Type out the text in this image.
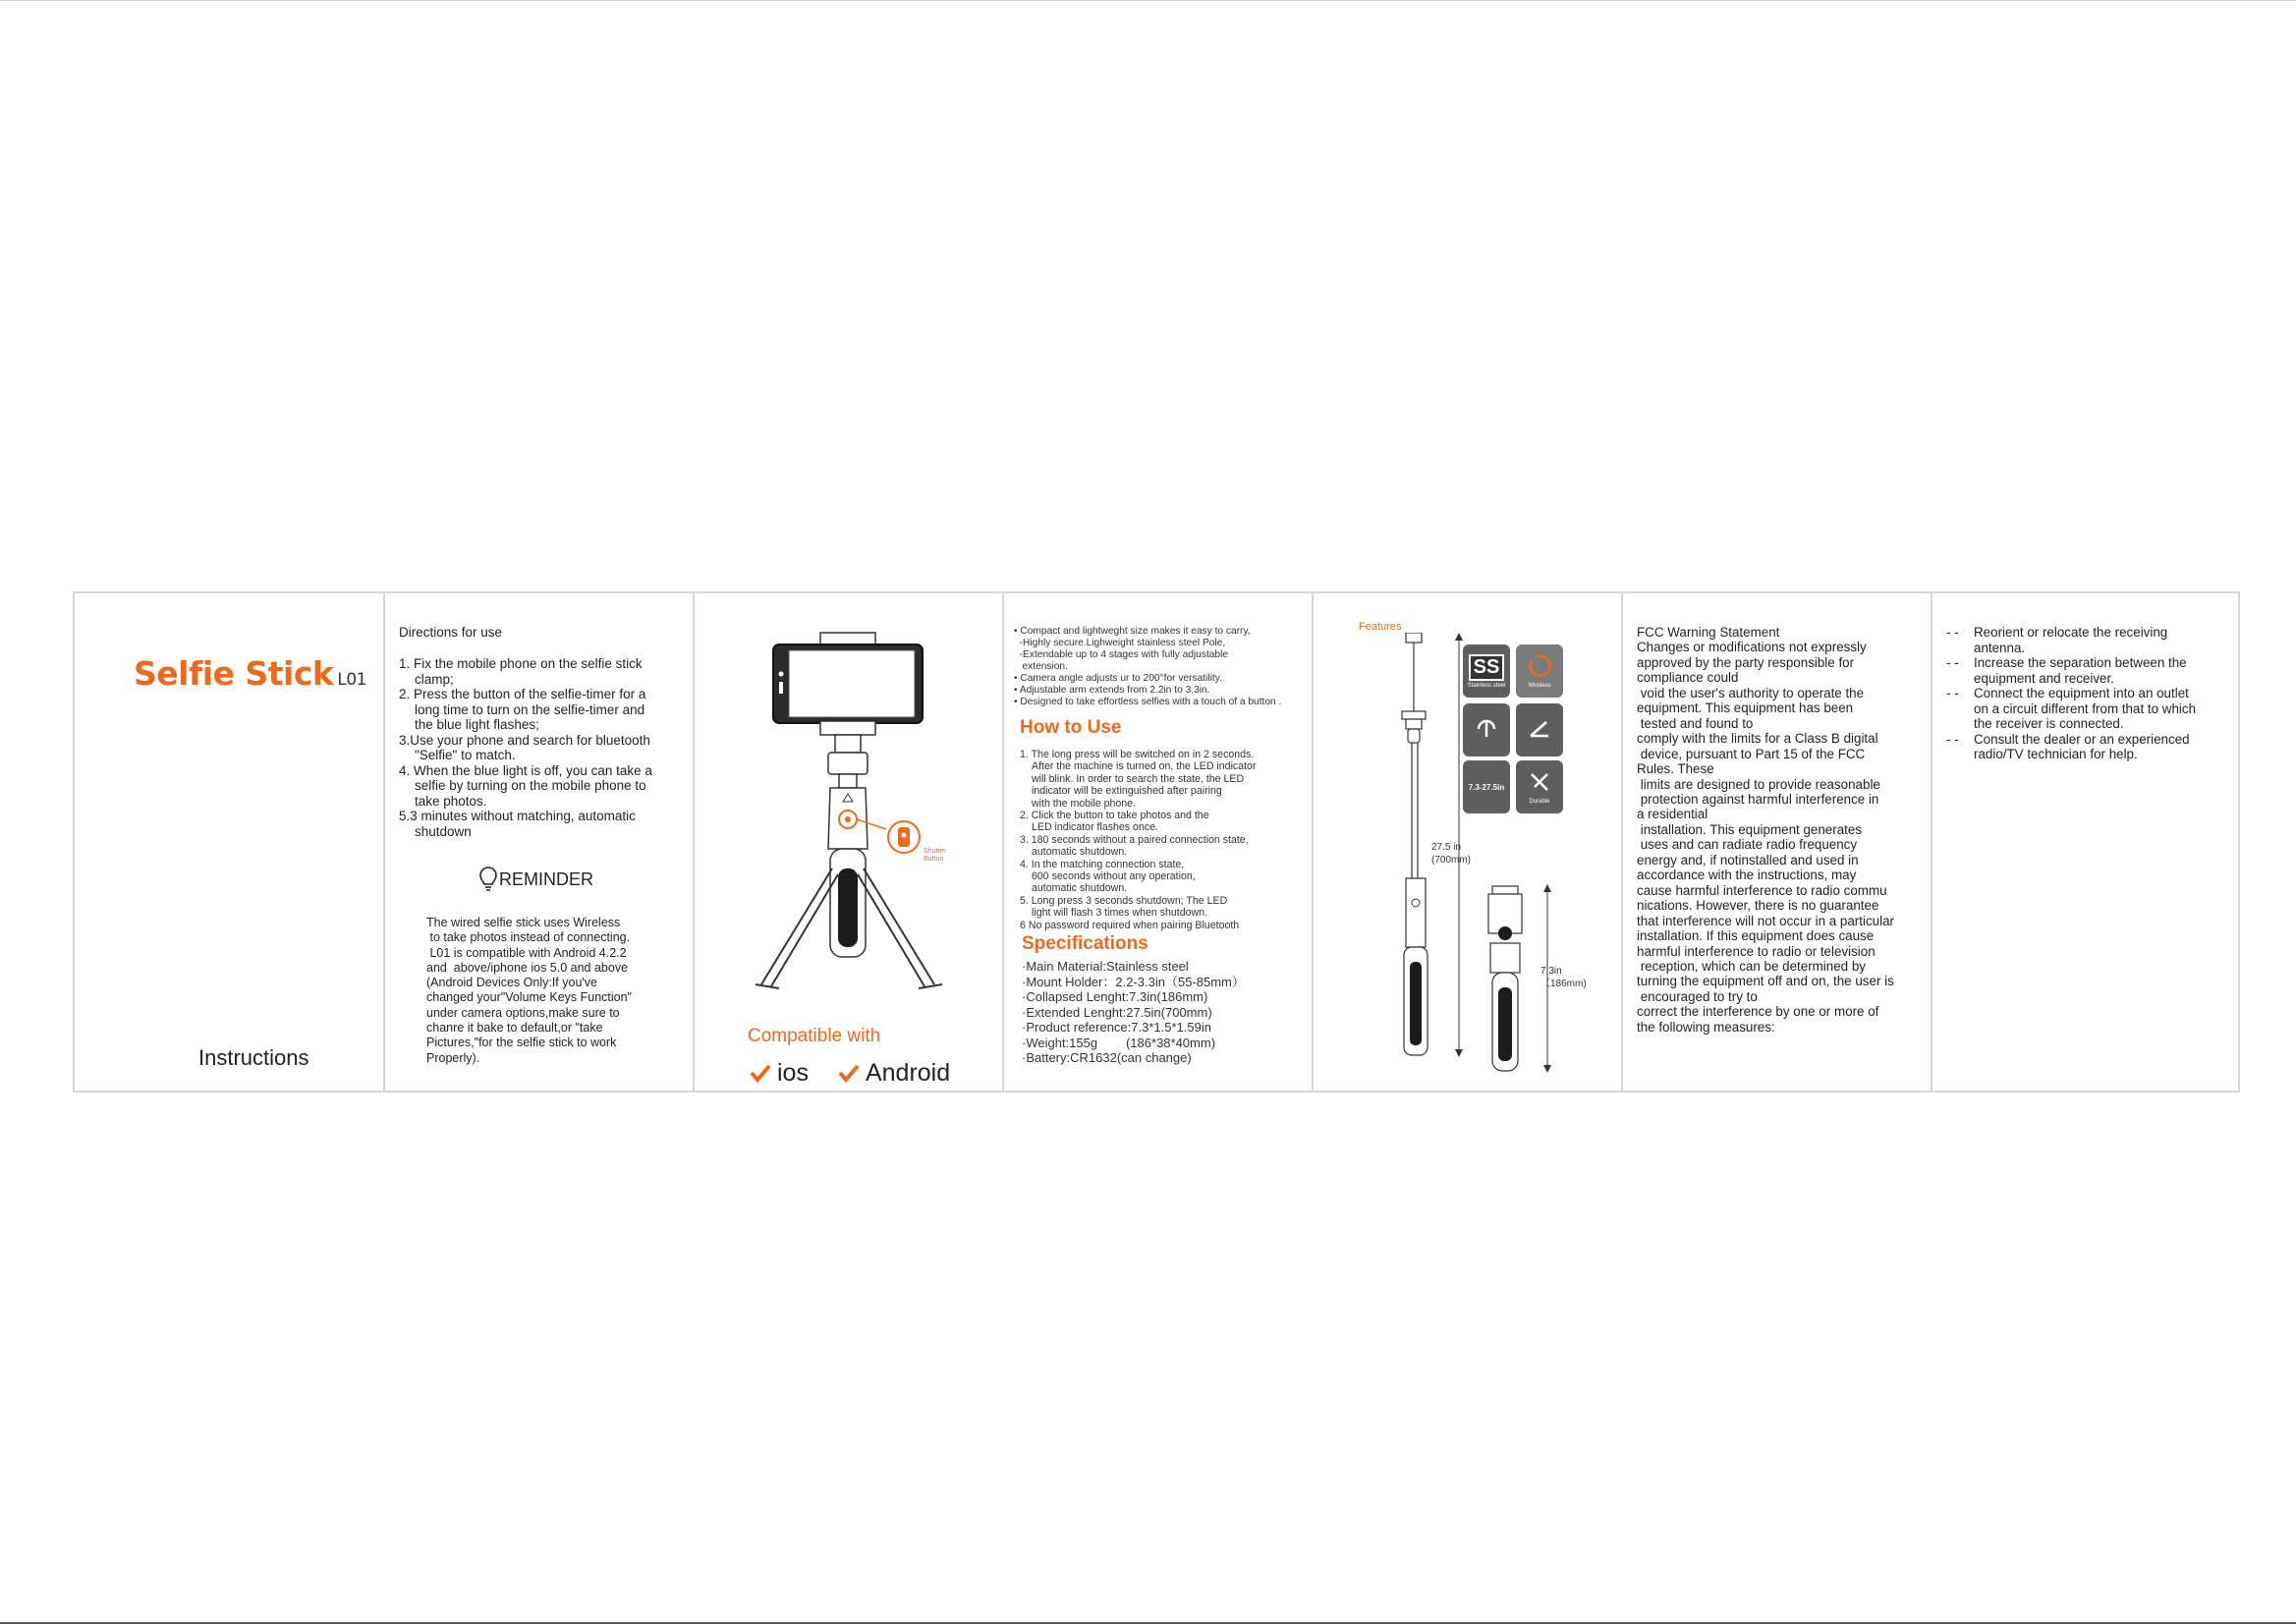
Selfie Stick L01
Instructions
Directions for use
1. Fix the mobile phone on the selfie stick
clamp;
2. Press the button of the selfie-timer for a
long time to turn on the selfie-timer and
the blue light flashes;
3.Use your phone and search for bluetooth
"Selfie" to match.
4. When the blue light is off, you can take a
selfie by turning on the mobile phone to
take photos.
5.3 minutes without matching, automatic
shutdown
REMINDER
The wired selfie stick uses Wireless
to take photos instead of connecting.
L01 is compatible with Android 4.2.2
and  above/iphone ios 5.0 and above
(Android Devices Only:If you've
changed your"Volume Keys Function"
under camera options,make sure to
chanre it bake to default,or "take
Pictures,"for the selfie stick to work
Properly).
Shutter
Button
Compatible with
ios Android
• Compact and lightweght size makes it easy to carry,
-Highly secure.Lighweight stainless steel Pole,
-Extendable up to 4 stages with fully adjustable
extension.
• Camera angle adjusts ur to 200°for versatility.
• Adjustable arm extends from 2.2in to 3.3in.
• Designed to take effortless selfies with a touch of a button .
How to Use
1. The long press will be switched on in 2 seconds.
After the machine is turned on, the LED indicator
will blink. In order to search the state, the LED
indicator will be extinguished after pairing
with the mobile phone.
2. Click the button to take photos and the
LED indicator flashes once.
3. 180 seconds without a paired connection state,
automatic shutdown.
4. In the matching connection state,
600 seconds without any operation,
automatic shutdown.
5. Long press 3 seconds shutdown; The LED
light will flash 3 times when shutdown.
6 No password required when pairing Bluetooth
Specifications
·Main Material:Stainless steel
·Mount Holder：2.2-3.3in（55-85mm）
·Collapsed Lenght:7.3in(186mm)
·Extended Lenght:27.5in(700mm)
·Product reference:7.3*1.5*1.59in
·Weight:155g        (186*38*40mm)
·Battery:CR1632(can change)
Features
27.5 in
(700mm)
SS
Stainless steel	Wireless
7.3-27.5in
Durable
7.3in
（186mm)
FCC Warning Statement
Changes or modifications not expressly
approved by the party responsible for
compliance could
void the user's authority to operate the
equipment. This equipment has been
tested and found to
comply with the limits for a Class B digital
device, pursuant to Part 15 of the FCC
Rules. These
limits are designed to provide reasonable
protection against harmful interference in
a residential
installation. This equipment generates
uses and can radiate radio frequency
energy and, if notinstalled and used in
accordance with the instructions, may
cause harmful interference to radio commu
nications. However, there is no guarantee
that interference will not occur in a particular
installation. If this equipment does cause
harmful interference to radio or television
reception, which can be determined by
turning the equipment off and on, the user is
encouraged to try to
correct the interference by one or more of
the following measures:
- -	Reorient or relocate the receiving
antenna.
- -	Increase the separation between the
equipment and receiver.
- -	Connect the equipment into an outlet
on a circuit different from that to which
the receiver is connected.
- -	Consult the dealer or an experienced
radio/TV technician for help.
